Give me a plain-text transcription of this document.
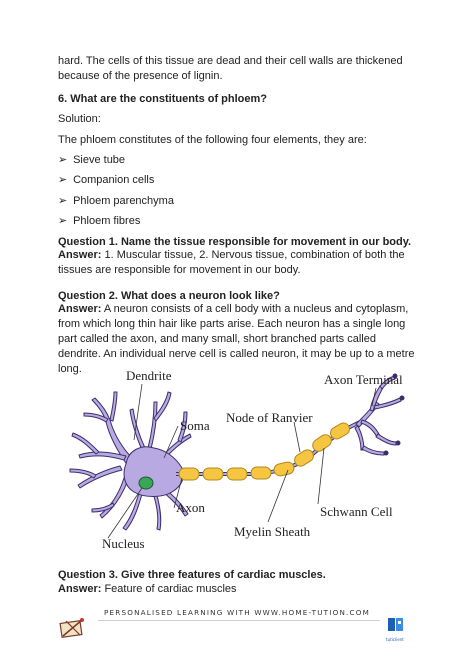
hard. The cells of this tissue are dead and their cell walls are thickened because of the presence of lignin.
6. What are the constituents of phloem?
Solution:
The phloem constitutes of the following four elements, they are:
➢ Sieve tube
➢ Companion cells
➢ Phloem parenchyma
➢ Phloem fibres
Question 1. Name the tissue responsible for movement in our body.
Answer: 1. Muscular tissue, 2. Nervous tissue, combination of both the tissues are responsible for movement in our body.
Question 2. What does a neuron look like?
Answer: A neuron consists of a cell body with a nucleus and cytoplasm, from which long thin hair like parts arise. Each neuron has a single long part called the axon, and many small, short branched parts called dendrite. An individual nerve cell is called neuron, it may be up to a metre long.	Dendrite
Soma
Axon
Nucleus
Node of Ranvier
Axon Terminal
Schwann Cell
Myelin Sheath
Question 3. Give three features of cardiac muscles.
Answer: Feature of cardiac muscles
PERSONALISED LEARNING WITH WWW.HOME-TUTION.COM
tuticlient
